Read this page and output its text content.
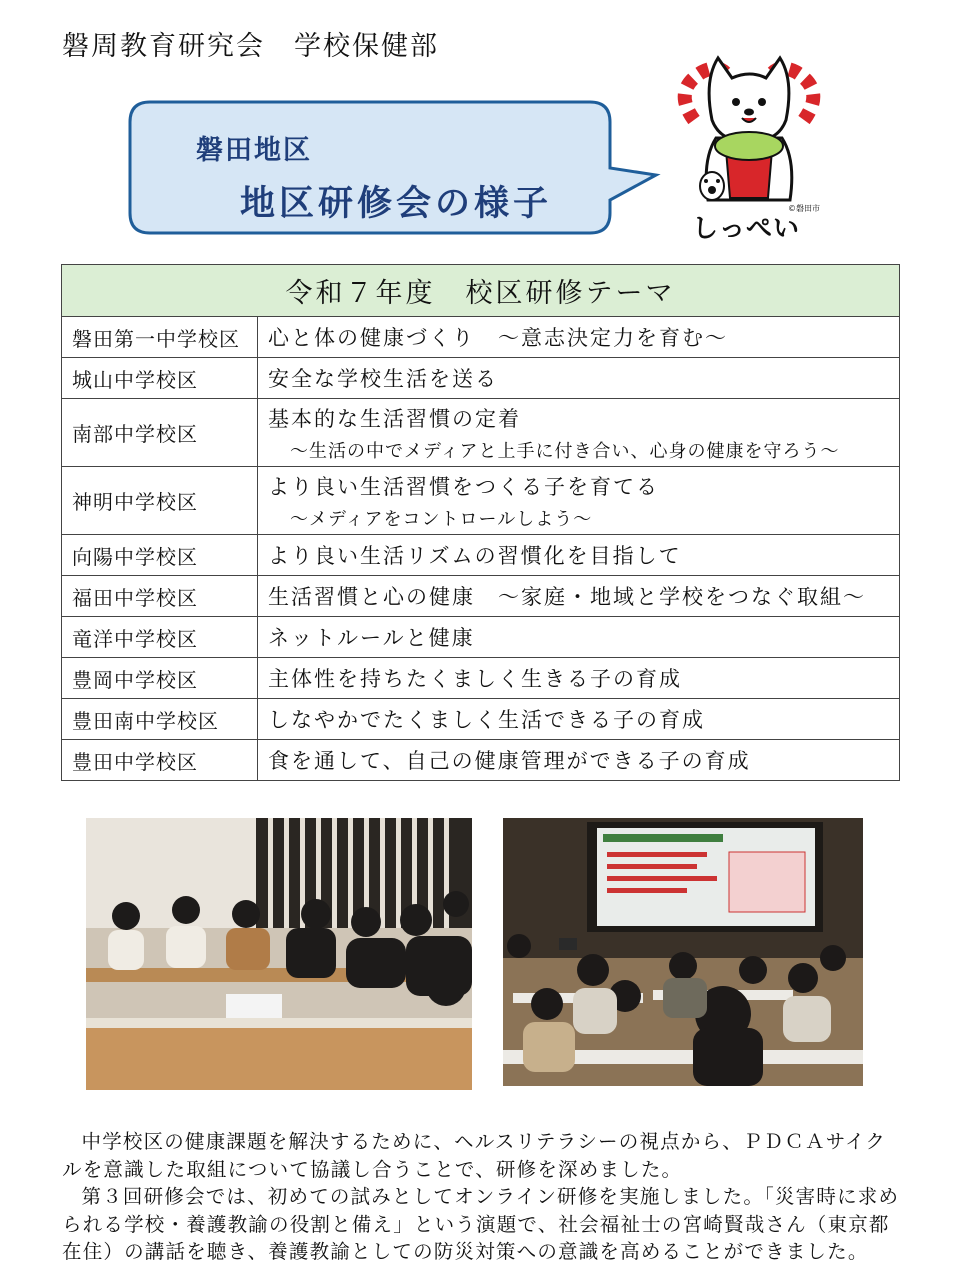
磐周教育研究会　学校保健部
磐田地区
地区研修会の様子	©磐田市
しっぺい
令和７年度　校区研修テーマ	
磐田第一中学校区	心と体の健康づくり　～意志決定力を育む～
城山中学校区	安全な学校生活を送る
南部中学校区	基本的な生活習慣の定着
～生活の中でメディアと上手に付き合い、心身の健康を守ろう～

神明中学校区	より良い生活習慣をつくる子を育てる
～メディアをコントロールしよう～

向陽中学校区	より良い生活リズムの習慣化を目指して
福田中学校区	生活習慣と心の健康　～家庭・地域と学校をつなぐ取組～
竜洋中学校区	ネットルールと健康
豊岡中学校区	主体性を持ちたくましく生きる子の育成
豊田南中学校区	しなやかでたくましく生活できる子の育成
豊田中学校区	食を通して、自己の健康管理ができる子の育成
中学校区の健康課題を解決するために、ヘルスリテラシーの視点から、ＰＤＣＡサイクルを意識した取組について協議し合うことで、研修を深めました。
第３回研修会では、初めての試みとしてオンライン研修を実施しました。「災害時に求められる学校・養護教諭の役割と備え」という演題で、社会福祉士の宮崎賢哉さん（東京都在住）の講話を聴き、養護教諭としての防災対策への意識を高めることができました。
